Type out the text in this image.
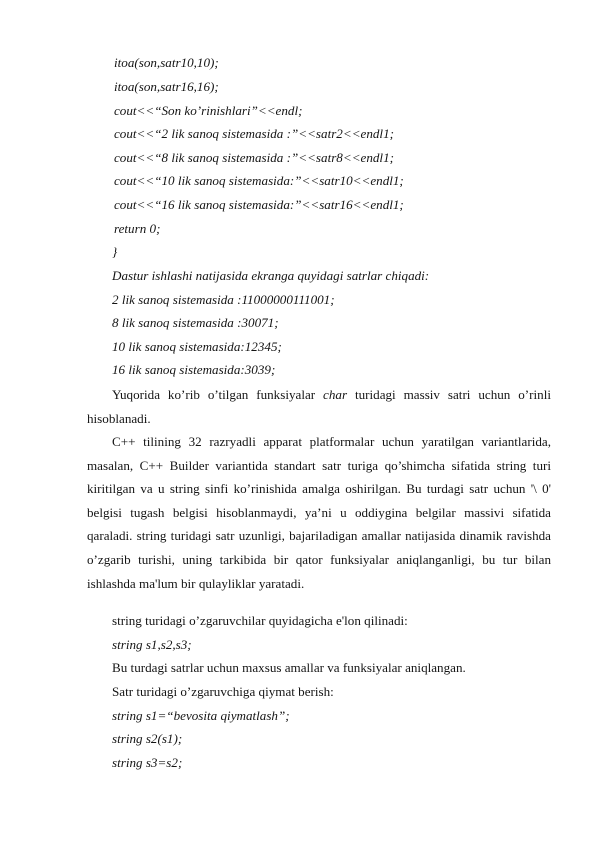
itoa(son,satr10,10);
itoa(son,satr16,16);
cout<<“Son ko’rinishlari”<<endl;
cout<<“2 lik sanoq sistemasida :”<<satr2<<endl1;
cout<<“8 lik sanoq sistemasida :”<<satr8<<endl1;
cout<<“10 lik sanoq sistemasida:”<<satr10<<endl1;
cout<<“16 lik sanoq sistemasida:”<<satr16<<endl1;
return 0;
}
Dastur ishlashi natijasida ekranga quyidagi satrlar chiqadi:
2 lik sanoq sistemasida :11000000111001;
8 lik sanoq sistemasida :30071;
10 lik sanoq sistemasida:12345;
16 lik sanoq sistemasida:3039;

Yuqorida ko’rib o’tilgan funksiyalar char turidagi massiv satri uchun o’rinli hisoblanadi.

C++ tilining 32 razryadli apparat platformalar uchun yaratilgan variantlarida, masalan, C++ Builder variantida standart satr turiga qo’shimcha sifatida string turi kiritilgan va u string sinfi ko’rinishida amalga oshirilgan. Bu turdagi satr uchun '\ 0' belgisi tugash belgisi hisoblanmaydi, ya’ni u oddiygina belgilar massivi sifatida qaraladi. string turidagi satr uzunligi, bajariladigan amallar natijasida dinamik ravishda o’zgarib turishi, uning tarkibida bir qator funksiyalar aniqlanganligi, bu tur bilan ishlashda ma'lum bir qulayliklar yaratadi.

string turidagi o’zgaruvchilar quyidagicha e'lon qilinadi:
string s1,s2,s3;
Bu turdagi satrlar uchun maxsus amallar va funksiyalar aniqlangan.
Satr turidagi o’zgaruvchiga qiymat berish:
string s1=“bevosita qiymatlash”;
string s2(s1);
string s3=s2;
